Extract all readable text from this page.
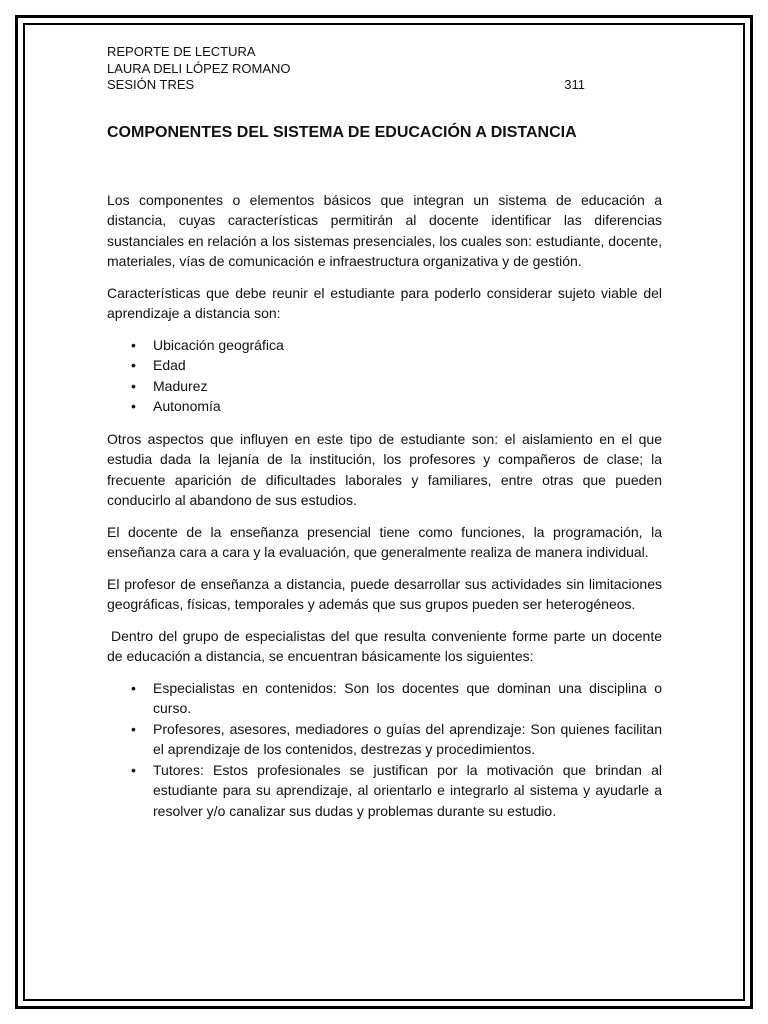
REPORTE DE LECTURA
LAURA DELI LÓPEZ ROMANO
SESIÓN TRES	311
COMPONENTES DEL SISTEMA DE EDUCACIÓN A DISTANCIA

Los componentes o elementos básicos que integran un sistema de educación a distancia, cuyas características permitirán al docente identificar las diferencias sustanciales en relación a los sistemas presenciales, los cuales son: estudiante, docente, materiales, vías de comunicación e infraestructura organizativa y de gestión.

Características que debe reunir el estudiante para poderlo considerar sujeto viable del aprendizaje a distancia son:

• Ubicación geográfica
• Edad
• Madurez
• Autonomía

Otros aspectos que influyen en este tipo de estudiante son: el aislamiento en el que estudia dada la lejanía de la institución, los profesores y compañeros de clase; la frecuente aparición de dificultades laborales y familiares, entre otras que pueden conducirlo al abandono de sus estudios.

El docente de la enseñanza presencial tiene como funciones, la programación, la enseñanza cara a cara y la evaluación, que generalmente realiza de manera individual.

El profesor de enseñanza a distancia, puede desarrollar sus actividades sin limitaciones geográficas, físicas, temporales y además que sus grupos pueden ser heterogéneos.

Dentro del grupo de especialistas del que resulta conveniente forme parte un docente de educación a distancia, se encuentran básicamente los siguientes:

• Especialistas en contenidos: Son los docentes que dominan una disciplina o curso.
• Profesores, asesores, mediadores o guías del aprendizaje: Son quienes facilitan el aprendizaje de los contenidos, destrezas y procedimientos.
• Tutores: Estos profesionales se justifican por la motivación que brindan al estudiante para su aprendizaje, al orientarlo e integrarlo al sistema y ayudarle a resolver y/o canalizar sus dudas y problemas durante su estudio.
